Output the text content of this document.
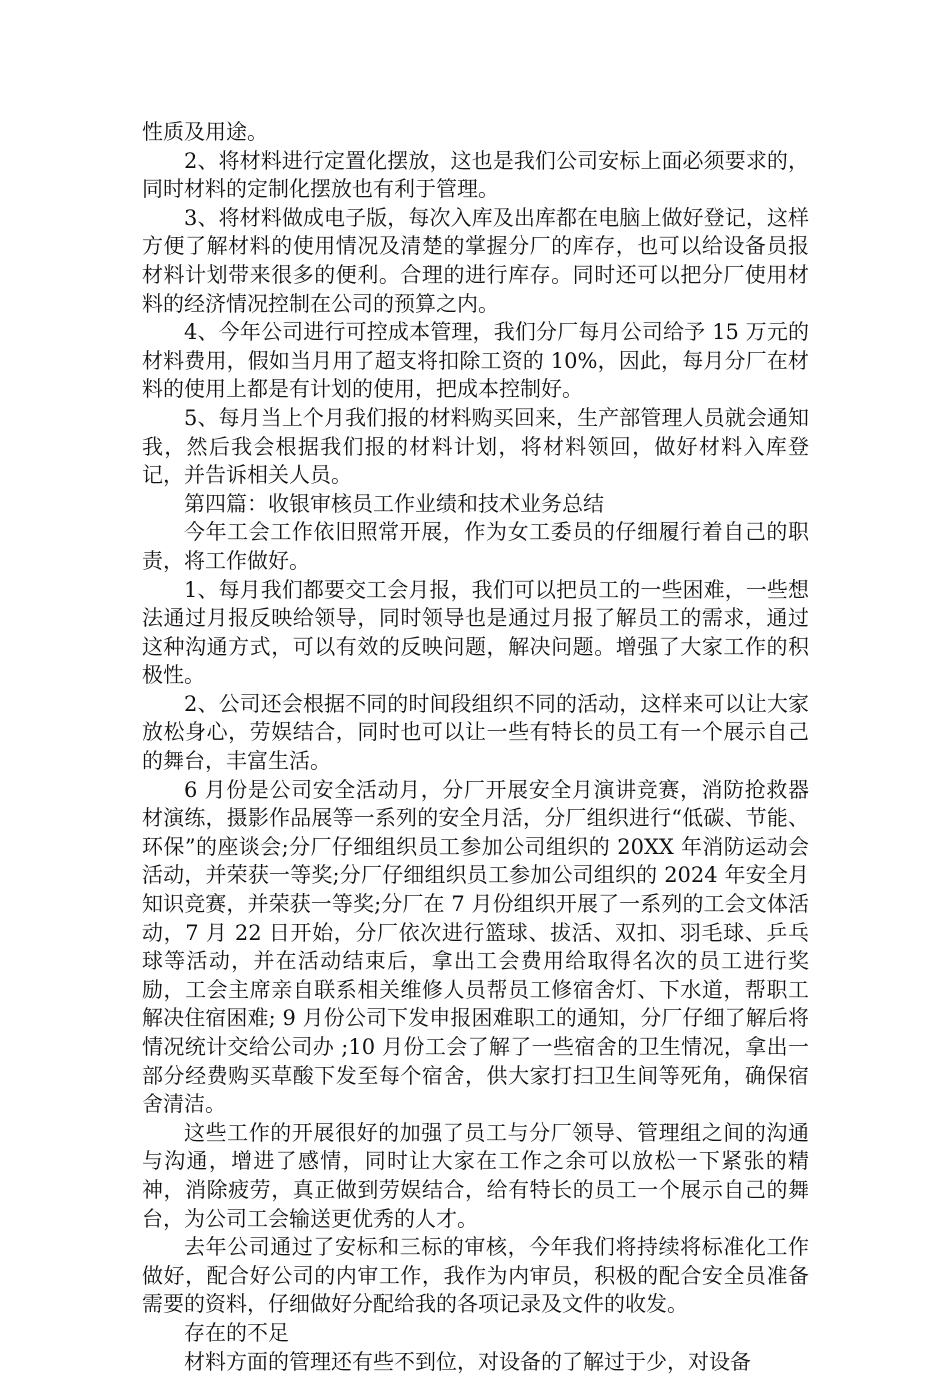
性质及用途。

2、将材料进行定置化摆放，这也是我们公司安标上面必须要求的，同时材料的定制化摆放也有利于管理。

3、将材料做成电子版，每次入库及出库都在电脑上做好登记，这样方便了解材料的使用情况及清楚的掌握分厂的库存，也可以给设备员报材料计划带来很多的便利。合理的进行库存。同时还可以把分厂使用材料的经济情况控制在公司的预算之内。

4、今年公司进行可控成本管理，我们分厂每月公司给予 15 万元的材料费用，假如当月用了超支将扣除工资的 10%，因此，每月分厂在材料的使用上都是有计划的使用，把成本控制好。

5、每月当上个月我们报的材料购买回来，生产部管理人员就会通知我，然后我会根据我们报的材料计划，将材料领回，做好材料入库登记，并告诉相关人员。

第四篇：收银审核员工作业绩和技术业务总结

今年工会工作依旧照常开展，作为女工委员的仔细履行着自己的职责，将工作做好。

1、每月我们都要交工会月报，我们可以把员工的一些困难，一些想法通过月报反映给领导，同时领导也是通过月报了解员工的需求，通过这种沟通方式，可以有效的反映问题，解决问题。增强了大家工作的积极性。

2、公司还会根据不同的时间段组织不同的活动，这样来可以让大家放松身心，劳娱结合，同时也可以让一些有特长的员工有一个展示自己的舞台，丰富生活。

6 月份是公司安全活动月，分厂开展安全月演讲竞赛，消防抢救器材演练，摄影作品展等一系列的安全月活，分厂组织进行“低碳、节能、环保”的座谈会;分厂仔细组织员工参加公司组织的 20XX 年消防运动会活动，并荣获一等奖;分厂仔细组织员工参加公司组织的 2024 年安全月知识竞赛，并荣获一等奖;分厂在 7 月份组织开展了一系列的工会文体活动，7 月 22 日开始，分厂依次进行篮球、拔活、双扣、羽毛球、乒乓球等活动，并在活动结束后，拿出工会费用给取得名次的员工进行奖励，工会主席亲自联系相关维修人员帮员工修宿舍灯、下水道，帮职工解决住宿困难; 9 月份公司下发申报困难职工的通知，分厂仔细了解后将情况统计交给公司办 ;10 月份工会了解了一些宿舍的卫生情况，拿出一部分经费购买草酸下发至每个宿舍，供大家打扫卫生间等死角，确保宿舍清洁。

这些工作的开展很好的加强了员工与分厂领导、管理组之间的沟通与沟通，增进了感情，同时让大家在工作之余可以放松一下紧张的精神，消除疲劳，真正做到劳娱结合，给有特长的员工一个展示自己的舞台，为公司工会输送更优秀的人才。

去年公司通过了安标和三标的审核，今年我们将持续将标准化工作做好，配合好公司的内审工作，我作为内审员，积极的配合安全员准备需要的资料，仔细做好分配给我的各项记录及文件的收发。

存在的不足

材料方面的管理还有些不到位，对设备的了解过于少，对设备
